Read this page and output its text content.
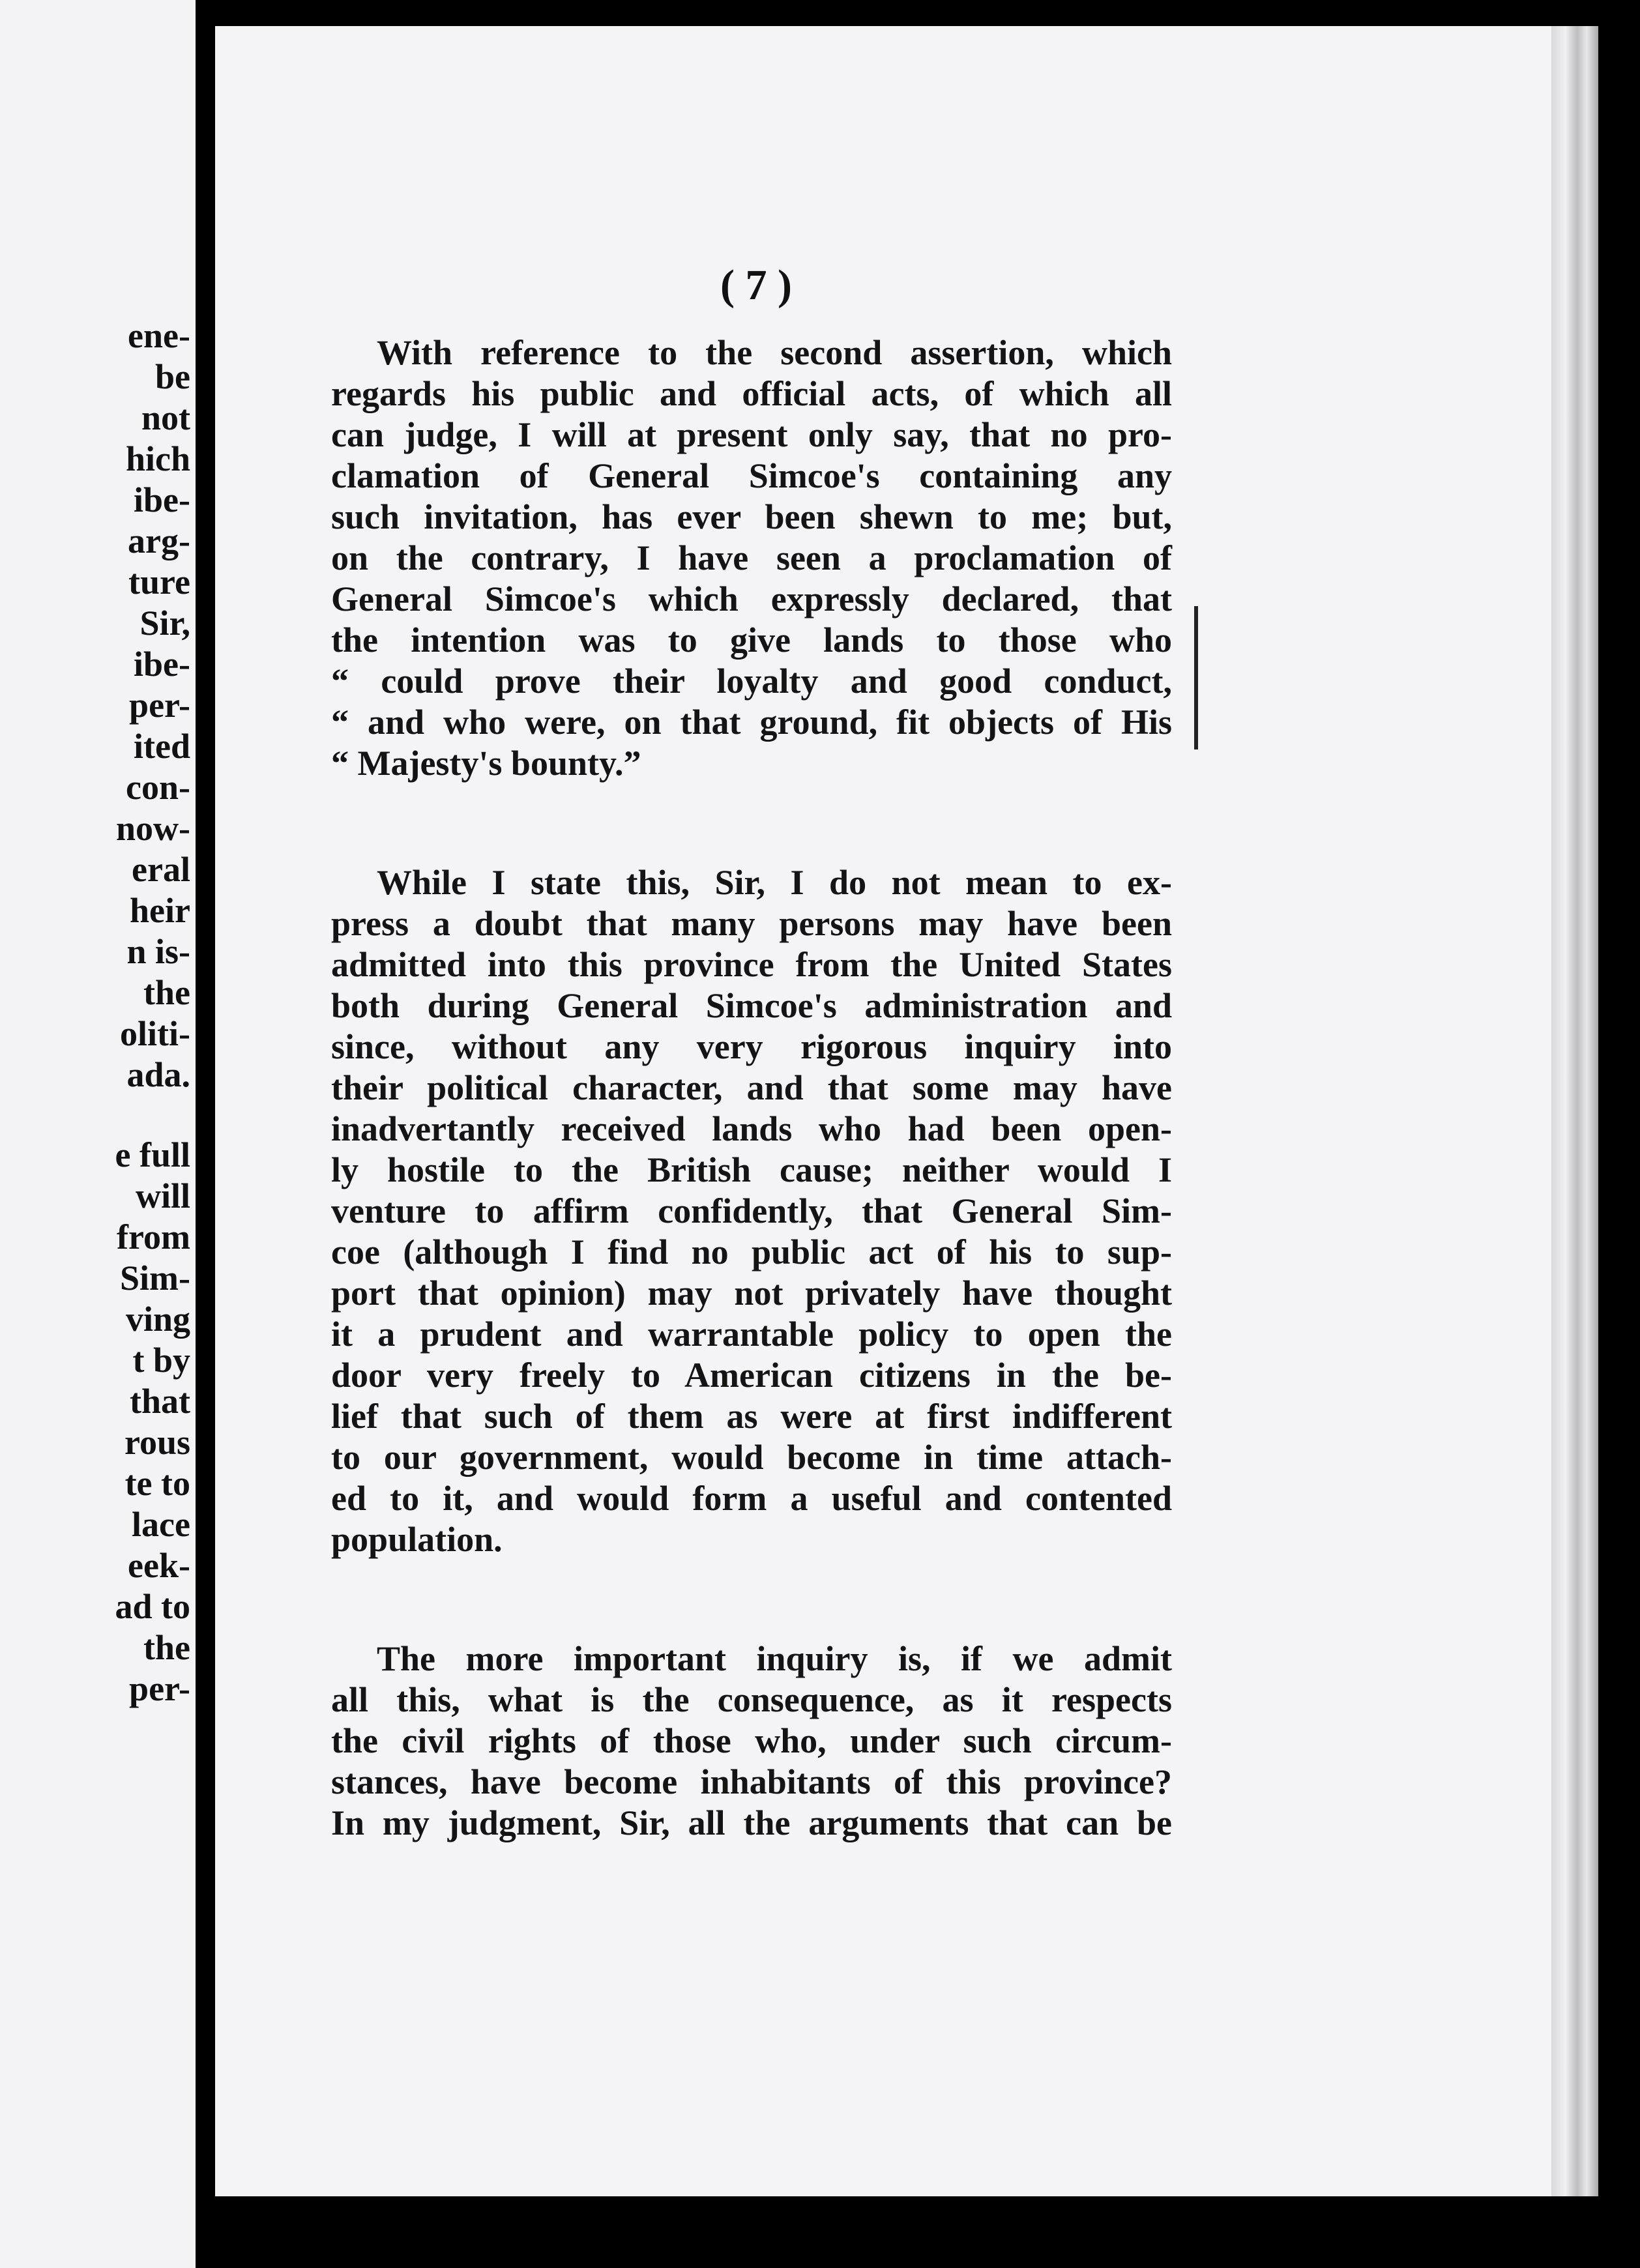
ene-
be
not
hich
ibe-
arg-
ture
Sir,
ibe-
per-
ited
con-
now-
eral
heir
n is-
the
oliti-
ada.
e full
will
from
Sim-
ving
t by
that
rous
te to
lace
eek-
ad to
the
per-
( 7 )
With reference to the second assertion, which
regards his public and official acts, of which all
can judge, I will at present only say, that no pro-
clamation of General Simcoe's containing any
such invitation, has ever been shewn to me; but,
on the contrary, I have seen a proclamation of
General Simcoe's which expressly declared, that
the intention was to give lands to those who
“ could prove their loyalty and good conduct,
“ and who were, on that ground, fit objects of His
“ Majesty's bounty.”
While I state this, Sir, I do not mean to ex-
press a doubt that many persons may have been
admitted into this province from the United States
both during General Simcoe's administration and
since, without any very rigorous inquiry into
their political character, and that some may have
inadvertantly received lands who had been open-
ly hostile to the British cause; neither would I
venture to affirm confidently, that General Sim-
coe (although I find no public act of his to sup-
port that opinion) may not privately have thought
it a prudent and warrantable policy to open the
door very freely to American citizens in the be-
lief that such of them as were at first indifferent
to our government, would become in time attach-
ed to it, and would form a useful and contented
population.
The more important inquiry is, if we admit
all this, what is the consequence, as it respects
the civil rights of those who, under such circum-
stances, have become inhabitants of this province?
In my judgment, Sir, all the arguments that can be
